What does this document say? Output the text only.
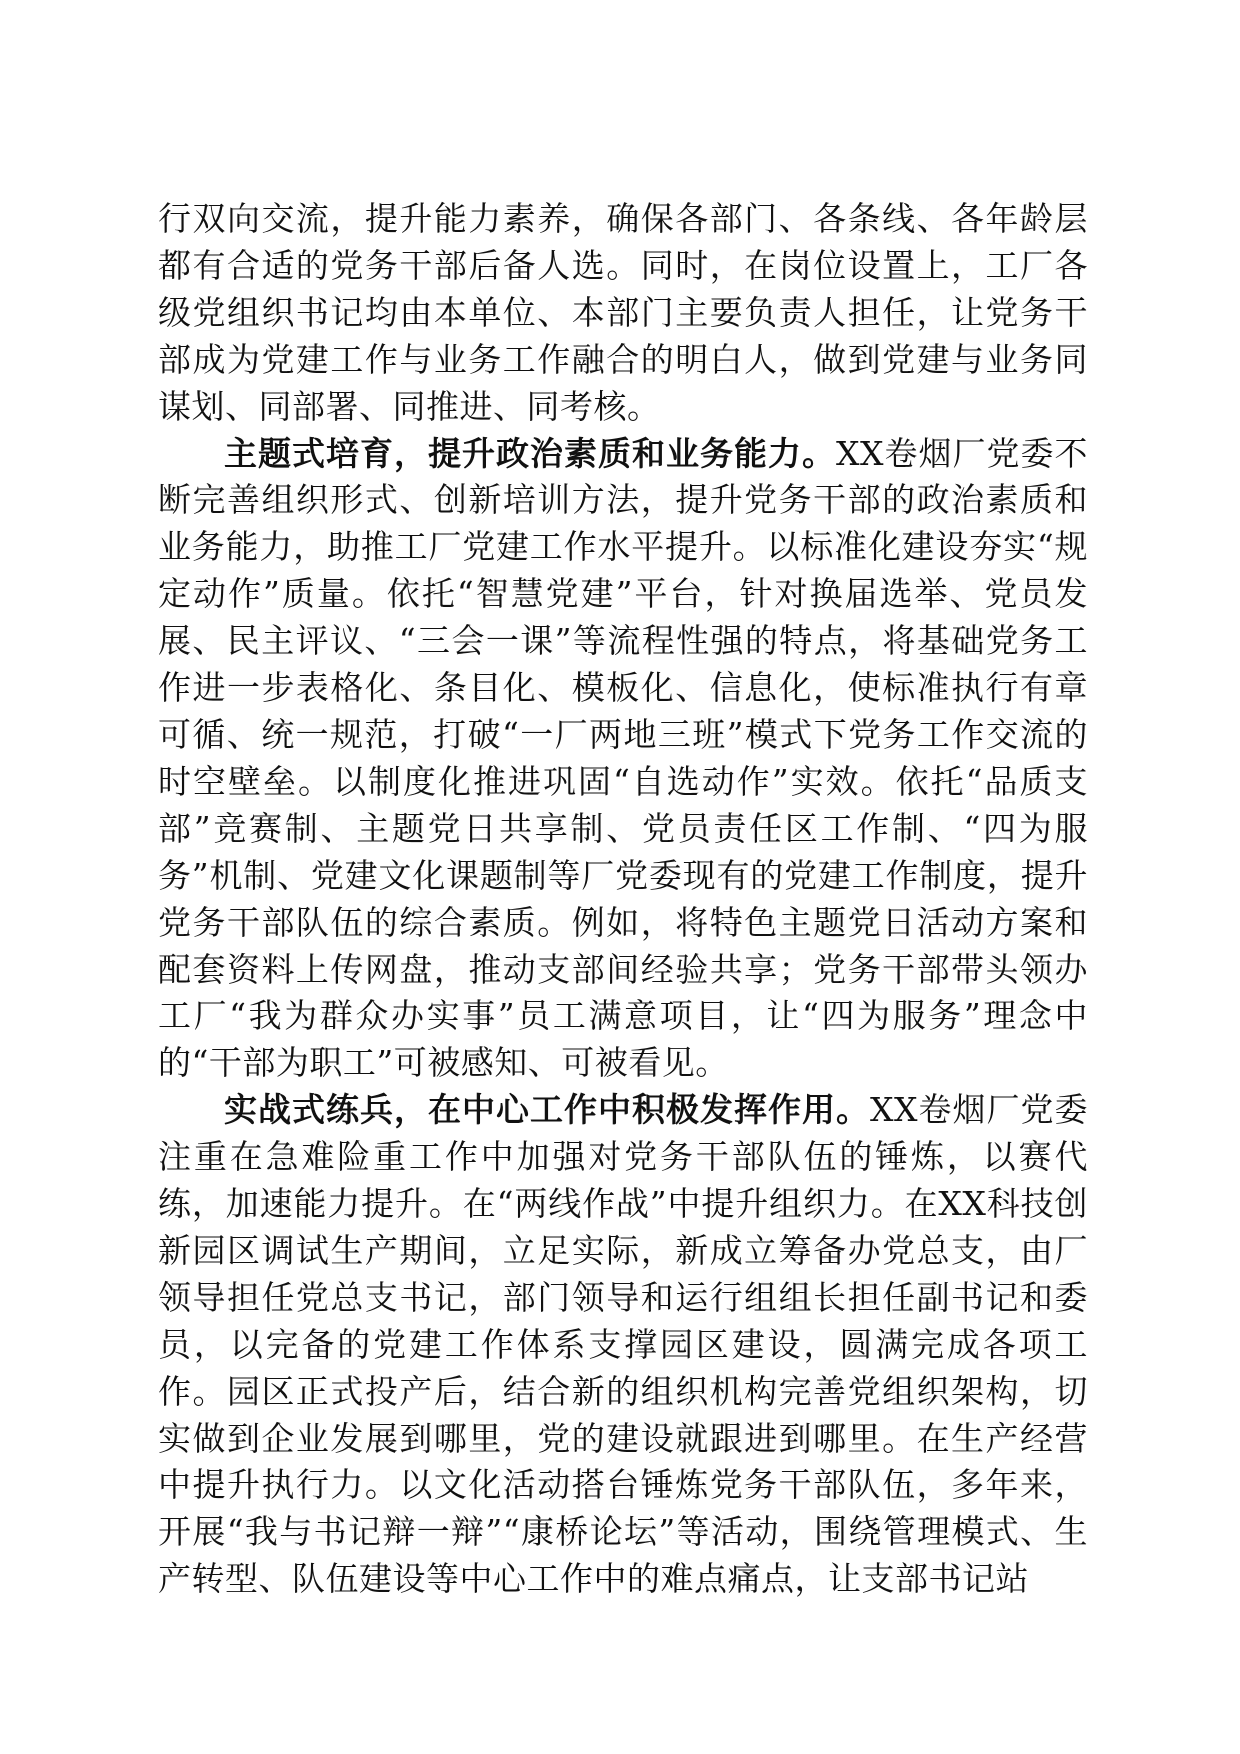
行双向交流，提升能力素养，确保各部门、各条线、各年龄层都有合适的党务干部后备人选。同时，在岗位设置上，工厂各级党组织书记均由本单位、本部门主要负责人担任，让党务干部成为党建工作与业务工作融合的明白人，做到党建与业务同谋划、同部署、同推进、同考核。

主题式培育，提升政治素质和业务能力。XX卷烟厂党委不断完善组织形式、创新培训方法，提升党务干部的政治素质和业务能力，助推工厂党建工作水平提升。以标准化建设夯实“规定动作”质量。依托“智慧党建”平台，针对换届选举、党员发展、民主评议、“三会一课”等流程性强的特点，将基础党务工作进一步表格化、条目化、模板化、信息化，使标准执行有章可循、统一规范，打破“一厂两地三班”模式下党务工作交流的时空壁垒。以制度化推进巩固“自选动作”实效。依托“品质支部”竞赛制、主题党日共享制、党员责任区工作制、“四为服务”机制、党建文化课题制等厂党委现有的党建工作制度，提升党务干部队伍的综合素质。例如，将特色主题党日活动方案和配套资料上传网盘，推动支部间经验共享；党务干部带头领办工厂“我为群众办实事”员工满意项目，让“四为服务”理念中的“干部为职工”可被感知、可被看见。

实战式练兵，在中心工作中积极发挥作用。XX卷烟厂党委注重在急难险重工作中加强对党务干部队伍的锤炼，以赛代练，加速能力提升。在“两线作战”中提升组织力。在XX科技创新园区调试生产期间，立足实际，新成立筹备办党总支，由厂领导担任党总支书记，部门领导和运行组组长担任副书记和委员，以完备的党建工作体系支撑园区建设，圆满完成各项工作。园区正式投产后，结合新的组织机构完善党组织架构，切实做到企业发展到哪里，党的建设就跟进到哪里。在生产经营中提升执行力。以文化活动搭台锤炼党务干部队伍，多年来，开展“我与书记辩一辩”“康桥论坛”等活动，围绕管理模式、生产转型、队伍建设等中心工作中的难点痛点，让支部书记站
